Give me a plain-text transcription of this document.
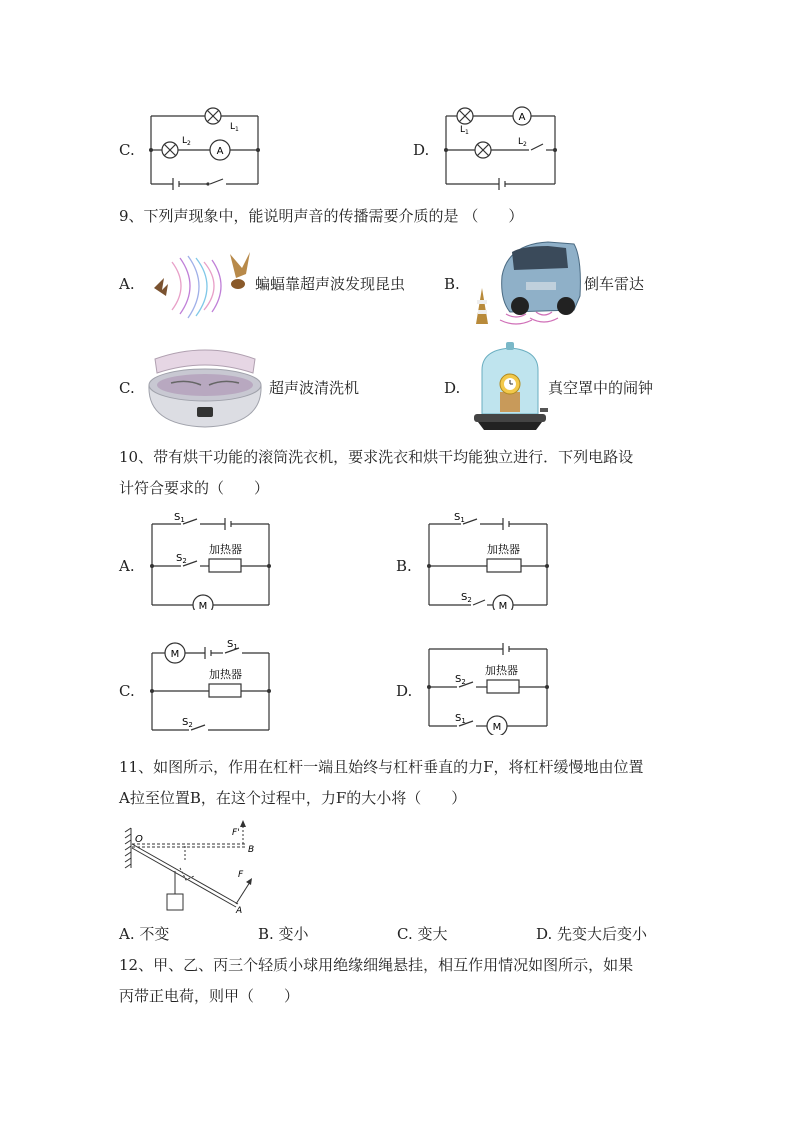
C.	A
$L_1$
$L_2$	D.
A
$L_1$
$L_2$
9、下列声现象中，能说明声音的传播需要介质的是 （　　）
A.	蝙蝠靠超声波发现昆虫	B.	倒车雷达
C.	超声波清洗机	D.	真空罩中的闹钟
10、带有烘干功能的滚筒洗衣机，要求洗衣和烘干均能独立进行．下列电路设
计符合要求的（　　）
A.
$S_1$
$S_2$
加热器
M
B.
$S_1$
加热器
$S_2$
M
C.
M
$S_1$
加热器
$S_2$
D.
$S_2$
加热器
$S_1$
M
11、如图所示，作用在杠杆一端且始终与杠杆垂直的力F，将杠杆缓慢地由位置
A拉至位置B，在这个过程中，力F的大小将（　　）
O
B
A
F'
F
A. 不变	B. 变小	C. 变大	D. 先变大后变小
12、甲、乙、丙三个轻质小球用绝缘细绳悬挂，相互作用情况如图所示，如果
丙带正电荷，则甲（　　）
